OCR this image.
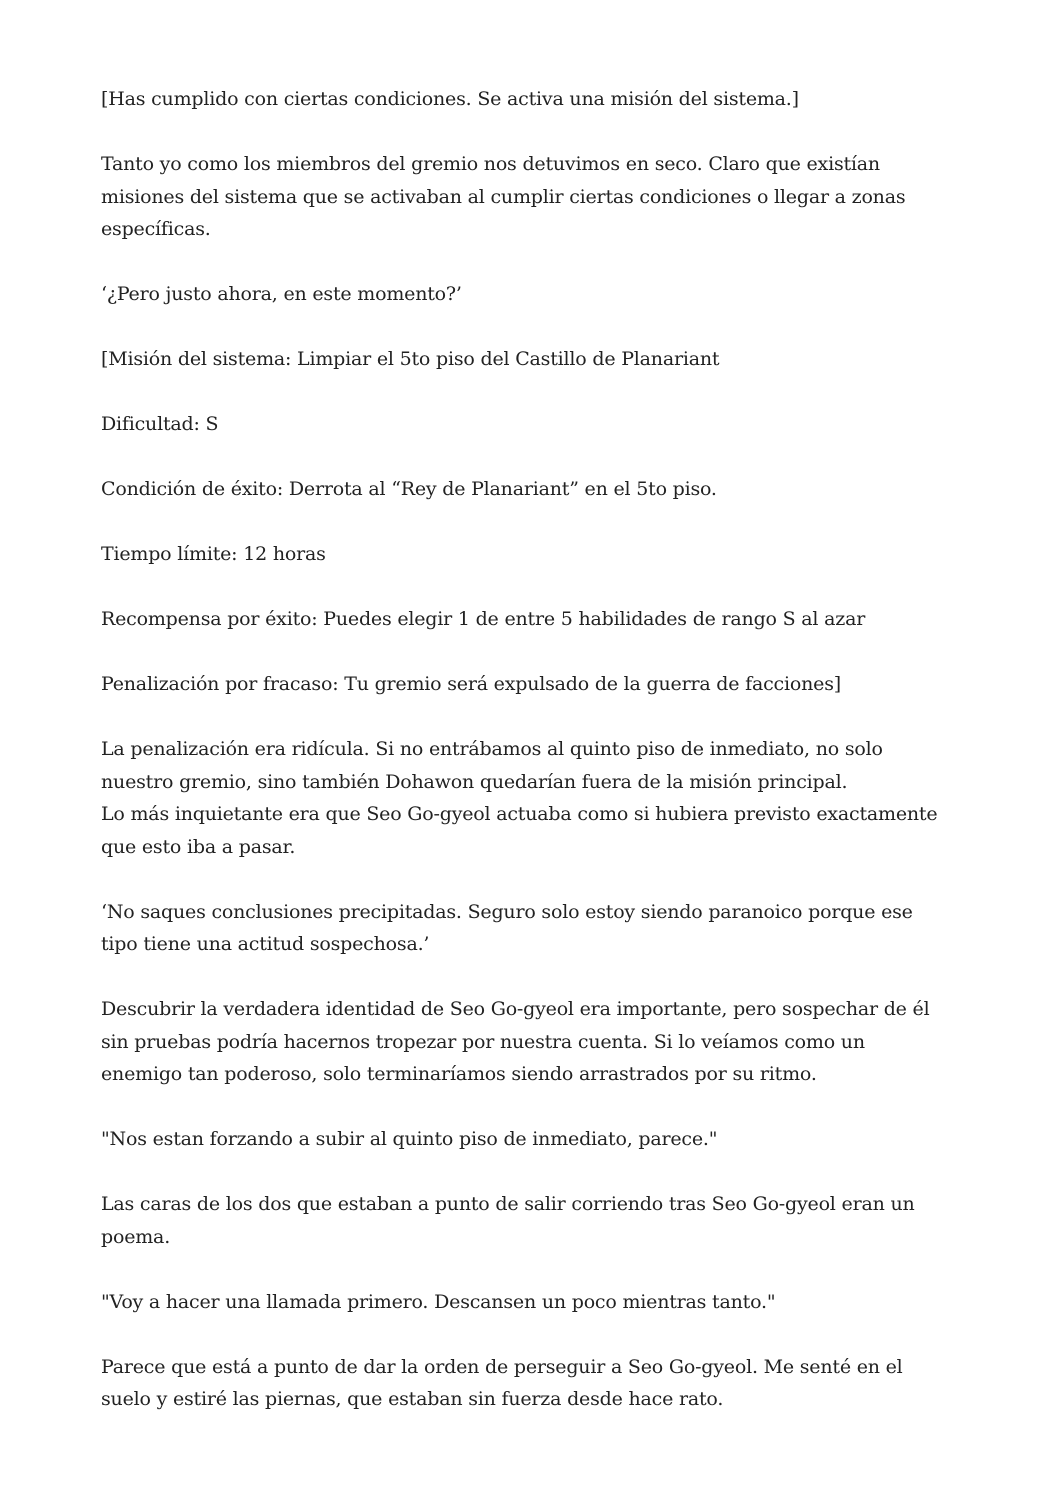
[Has cumplido con ciertas condiciones. Se activa una misión del sistema.]

Tanto yo como los miembros del gremio nos detuvimos en seco. Claro que existían misiones del sistema que se activaban al cumplir ciertas condiciones o llegar a zonas específicas.

‘¿Pero justo ahora, en este momento?’

[Misión del sistema: Limpiar el 5to piso del Castillo de Planariant

Dificultad: S

Condición de éxito: Derrota al “Rey de Planariant” en el 5to piso.

Tiempo límite: 12 horas

Recompensa por éxito: Puedes elegir 1 de entre 5 habilidades de rango S al azar

Penalización por fracaso: Tu gremio será expulsado de la guerra de facciones]

La penalización era ridícula. Si no entrábamos al quinto piso de inmediato, no solo nuestro gremio, sino también Dohawon quedarían fuera de la misión principal.

Lo más inquietante era que Seo Go-gyeol actuaba como si hubiera previsto exactamente que esto iba a pasar.

‘No saques conclusiones precipitadas. Seguro solo estoy siendo paranoico porque ese tipo tiene una actitud sospechosa.’

Descubrir la verdadera identidad de Seo Go-gyeol era importante, pero sospechar de él sin pruebas podría hacernos tropezar por nuestra cuenta. Si lo veíamos como un enemigo tan poderoso, solo terminaríamos siendo arrastrados por su ritmo.

"Nos estan forzando a subir al quinto piso de inmediato, parece."

Las caras de los dos que estaban a punto de salir corriendo tras Seo Go-gyeol eran un poema.

"Voy a hacer una llamada primero. Descansen un poco mientras tanto."

Parece que está a punto de dar la orden de perseguir a Seo Go-gyeol. Me senté en el suelo y estiré las piernas, que estaban sin fuerza desde hace rato.
